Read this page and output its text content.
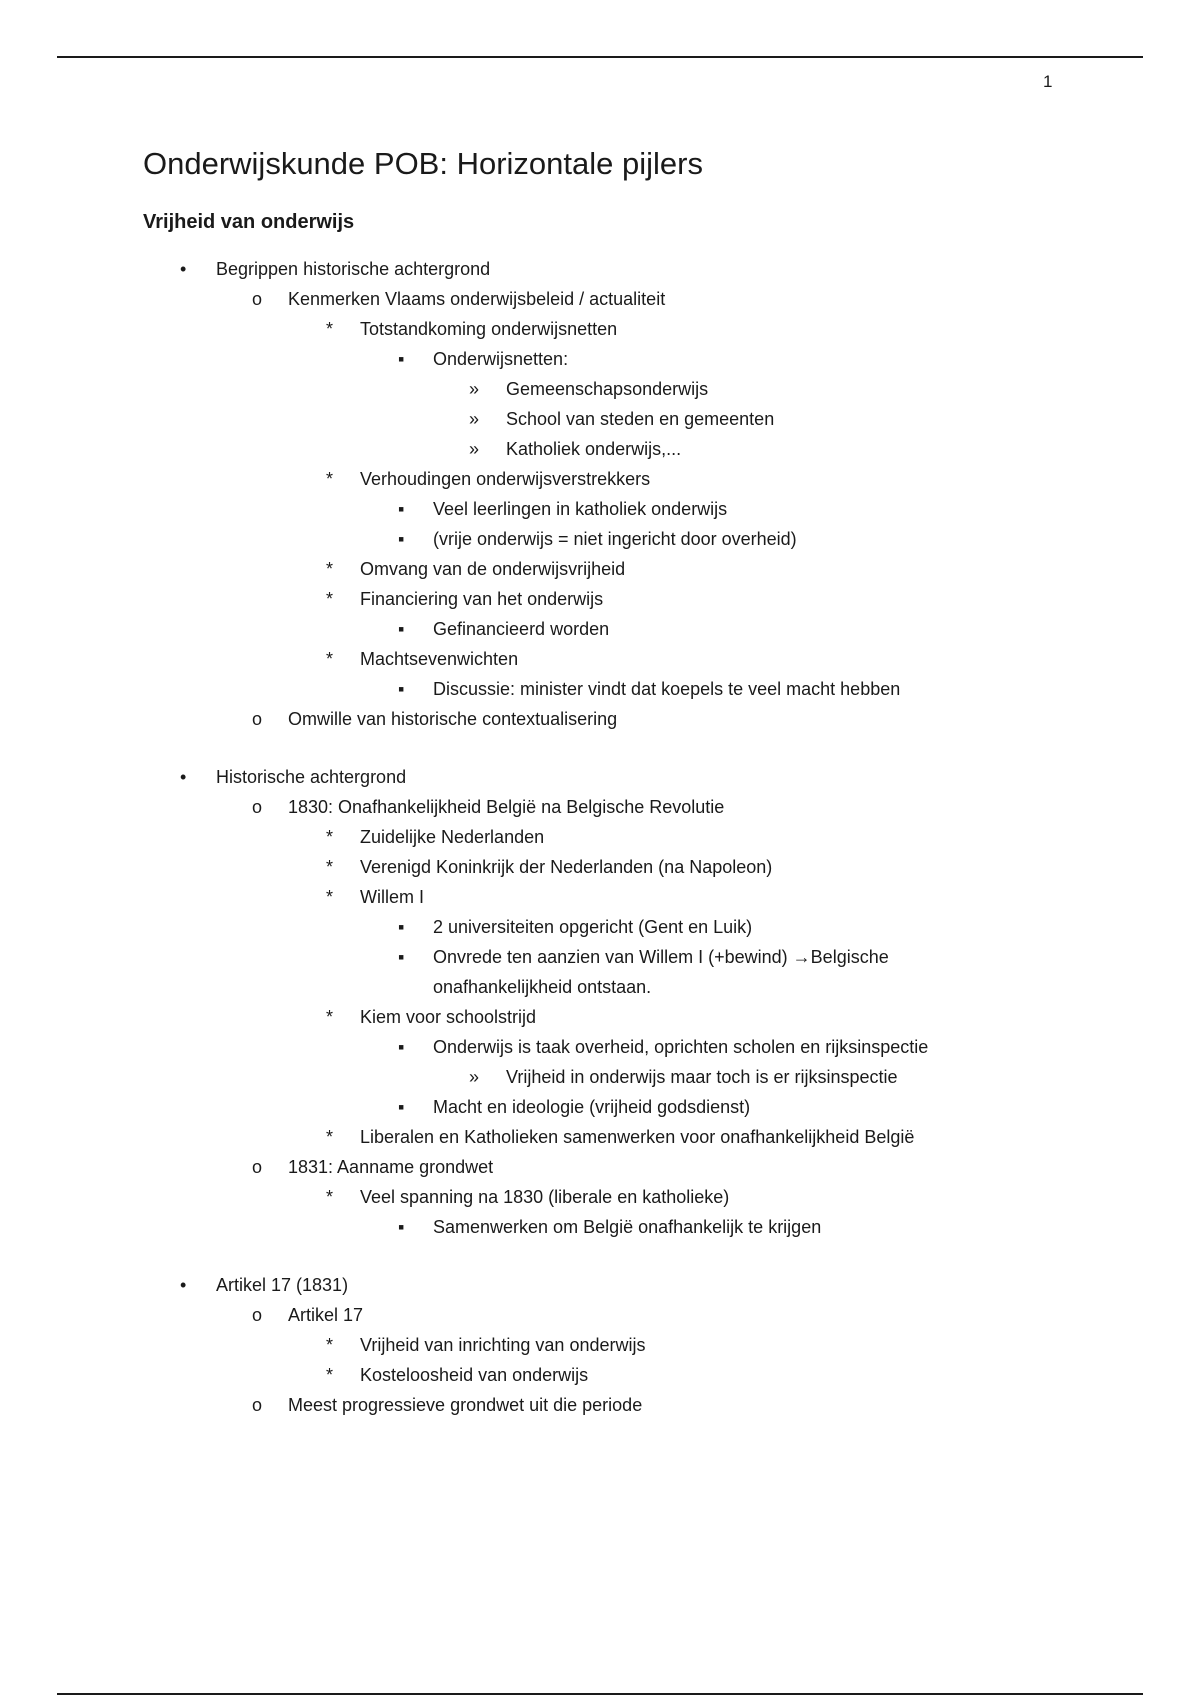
1
Onderwijskunde POB: Horizontale pijlers
Vrijheid van onderwijs
• Begrippen historische achtergrond
o Kenmerken Vlaams onderwijsbeleid / actualiteit
* Totstandkoming onderwijsnetten
▪ Onderwijsnetten:
» Gemeenschapsonderwijs
» School van steden en gemeenten
» Katholiek onderwijs,...
* Verhoudingen onderwijsverstrekkers
▪ Veel leerlingen in katholiek onderwijs
▪ (vrije onderwijs = niet ingericht door overheid)
* Omvang van de onderwijsvrijheid
* Financiering van het onderwijs
▪ Gefinancieerd worden
* Machtsevenwichten
▪ Discussie: minister vindt dat koepels te veel macht hebben
o Omwille van historische contextualisering
• Historische achtergrond
o 1830: Onafhankelijkheid België na Belgische Revolutie
* Zuidelijke Nederlanden
* Verenigd Koninkrijk der Nederlanden (na Napoleon)
* Willem I
▪ 2 universiteiten opgericht (Gent en Luik)
▪ Onvrede ten aanzien van Willem I (+bewind) →Belgische onafhankelijkheid ontstaan.
* Kiem voor schoolstrijd
▪ Onderwijs is taak overheid, oprichten scholen en rijksinspectie
» Vrijheid in onderwijs maar toch is er rijksinspectie
▪ Macht en ideologie (vrijheid godsdienst)
* Liberalen en Katholieken samenwerken voor onafhankelijkheid België
o 1831: Aanname grondwet
* Veel spanning na 1830 (liberale en katholieke)
▪ Samenwerken om België onafhankelijk te krijgen
• Artikel 17 (1831)
o Artikel 17
* Vrijheid van inrichting van onderwijs
* Kosteloosheid van onderwijs
o Meest progressieve grondwet uit die periode
